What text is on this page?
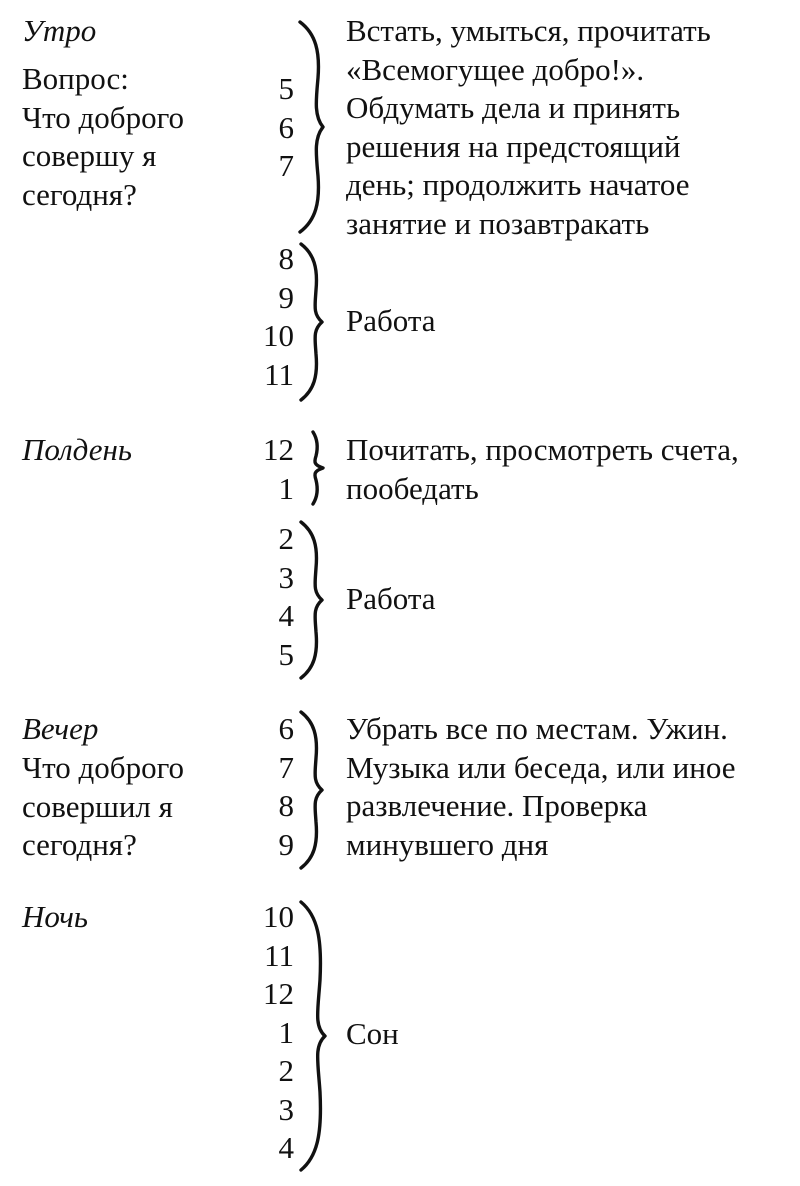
Утро
Вопрос:
Что доброго
совершу я
сегодня?
5
6
7
Встать, умыться, прочитать
«Всемогущее добро!».
Обдумать дела и принять
решения на предстоящий
день; продолжить начатое
занятие и позавтракать
8
9
10
11
Работа
Полдень	12
1
Почитать, просмотреть счета,
пообедать
2
3
4
5
Работа
Вечер
Что доброго
совершил я
сегодня?
6
7
8
9
Убрать все по местам. Ужин.
Музыка или беседа, или иное
развлечение. Проверка
минувшего дня
Ночь	10
11
12
1
2
3
4
Сон
